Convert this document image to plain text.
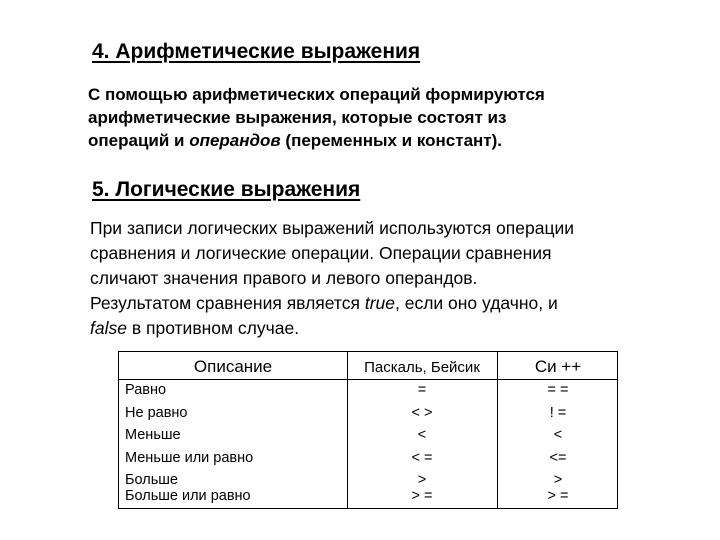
4. Арифметические выражения
С помощью арифметических операций формируются
арифметические выражения, которые состоят из
операций и операндов (переменных и констант).
5. Логические выражения
При записи логических выражений используются операции
сравнения и логические операции. Операции сравнения
сличают значения правого и левого операндов.
Результатом сравнения является true, если оно удачно, и
false в противном случае.
Описание	Паскаль, Бейсик	Си ++
Равно	=	= =
Не равно	< >	! =
Меньше	<	<
Меньше или равно	< =	<=
Больше	>	>
Больше или равно	> =	> =
